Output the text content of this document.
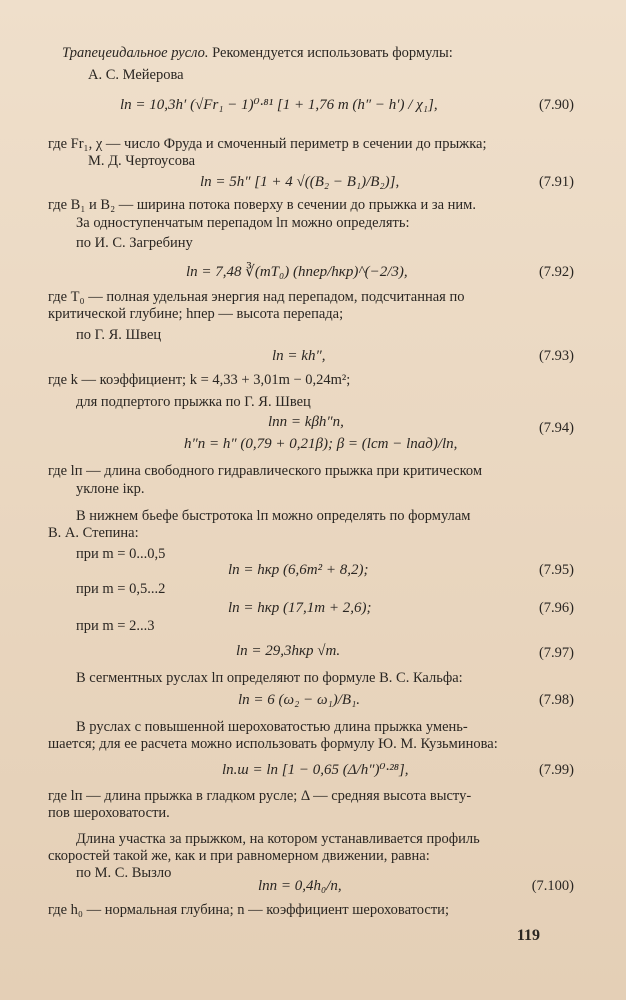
Трапецеидальное русло. Рекомендуется использовать формулы:
А. С. Мейерова
lп = 10,3h′ (√Fr₁ − 1)⁰·⁸¹ [1 + 1,76 m (h″ − h′) / χ₁],	(7.90)
где Fr₁, χ — число Фруда и смоченный периметр в сечении до прыжка;
М. Д. Чертоусова
lп = 5h″ [1 + 4 √((B₂ − B₁)/B₂)],	(7.91)
где B₁ и B₂ — ширина потока поверху в сечении до прыжка и за ним.
За одноступенчатым перепадом lп можно определять:
по И. С. Загребину
lп = 7,48 ∛(mT₀) (hпер/hкр)^(−2/3),	(7.92)
где T₀ — полная удельная энергия над перепадом, подсчитанная по
критической глубине; hпер — высота перепада;
по Г. Я. Швец
lп = kh″,	(7.93)
где k — коэффициент; k = 4,33 + 3,01m − 0,24m²;
для подпертого прыжка по Г. Я. Швец
lпп = kβh″п,	(7.94)
h″п = h″ (0,79 + 0,21β); β = (lст − lпад)/lп,
где lп — длина свободного гидравлического прыжка при критическом
уклоне iкр.
В нижнем бьефе быстротока lп можно определять по формулам
В. А. Степина:
при m = 0...0,5
lп = hкр (6,6m² + 8,2);	(7.95)
при m = 0,5...2
lп = hкр (17,1m + 2,6);	(7.96)
при m = 2...3
lп = 29,3hкр √m.	(7.97)
В сегментных руслах lп определяют по формуле В. С. Кальфа:
lп = 6 (ω₂ − ω₁)/B₁.	(7.98)
В руслах с повышенной шероховатостью длина прыжка умень-
шается; для ее расчета можно использовать формулу Ю. М. Кузьминова:
lп.ш = lп [1 − 0,65 (Δ/h″)⁰·²⁸],	(7.99)
где lп — длина прыжка в гладком русле; Δ — средняя высота высту-
пов шероховатости.
Длина участка за прыжком, на котором устанавливается профиль
скоростей такой же, как и при равномерном движении, равна:
по М. С. Вызло
lпп = 0,4h₀/n,	(7.100)
где h₀ — нормальная глубина; n — коэффициент шероховатости;
119
